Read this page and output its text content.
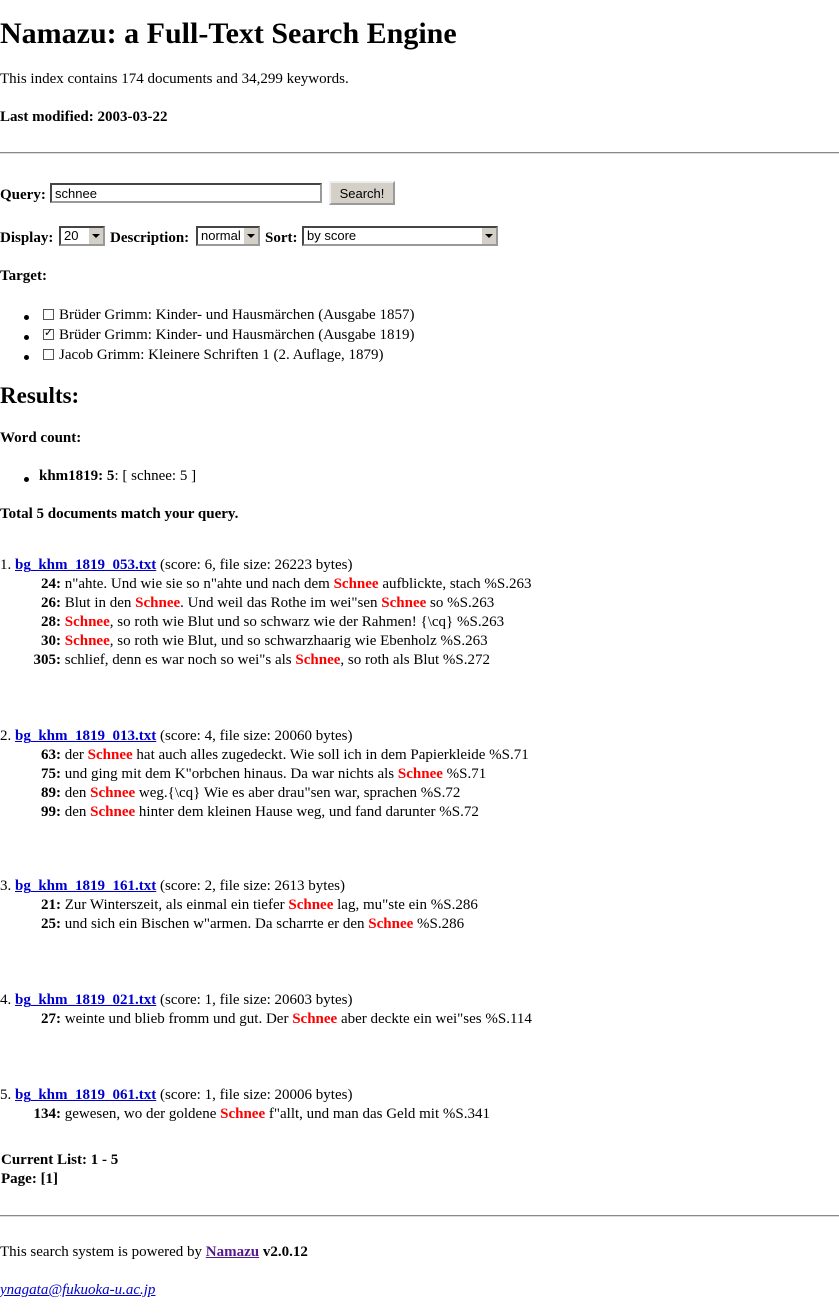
Namazu: a Full-Text Search Engine
This index contains 174 documents and 34,299 keywords.
Last modified: 2003-03-22
Query:
schnee	Search!
Display: 20 Description: normal Sort: by score
Target:
Brüder Grimm: Kinder- und Hausmärchen (Ausgabe 1857)
✓
Brüder Grimm: Kinder- und Hausmärchen (Ausgabe 1819)
Jacob Grimm: Kleinere Schriften 1 (2. Auflage, 1879)
Results:
Word count:
khm1819: 5: [ schnee: 5 ]
Total 5 documents match your query.
1. bg_khm_1819_053.txt (score: 6, file size: 26223 bytes)
24: n"ahte. Und wie sie so n"ahte und nach dem Schnee aufblickte, stach %S.263
26: Blut in den Schnee. Und weil das Rothe im wei"sen Schnee so %S.263
28: Schnee, so roth wie Blut und so schwarz wie der Rahmen! {\cq} %S.263
30: Schnee, so roth wie Blut, und so schwarzhaarig wie Ebenholz %S.263
305: schlief, denn es war noch so wei"s als Schnee, so roth als Blut %S.272
2. bg_khm_1819_013.txt (score: 4, file size: 20060 bytes)
63: der Schnee hat auch alles zugedeckt. Wie soll ich in dem Papierkleide %S.71
75: und ging mit dem K"orbchen hinaus. Da war nichts als Schnee %S.71
89: den Schnee weg.{\cq} Wie es aber drau"sen war, sprachen %S.72
99: den Schnee hinter dem kleinen Hause weg, und fand darunter %S.72
3. bg_khm_1819_161.txt (score: 2, file size: 2613 bytes)
21: Zur Winterszeit, als einmal ein tiefer Schnee lag, mu"ste ein %S.286
25: und sich ein Bischen w"armen. Da scharrte er den Schnee %S.286
4. bg_khm_1819_021.txt (score: 1, file size: 20603 bytes)
27: weinte und blieb fromm und gut. Der Schnee aber deckte ein wei"ses %S.114
5. bg_khm_1819_061.txt (score: 1, file size: 20006 bytes)
134: gewesen, wo der goldene Schnee f"allt, und man das Geld mit %S.341
Current List: 1 - 5
Page: [1]
This search system is powered by Namazu v2.0.12
ynagata@fukuoka-u.ac.jp
